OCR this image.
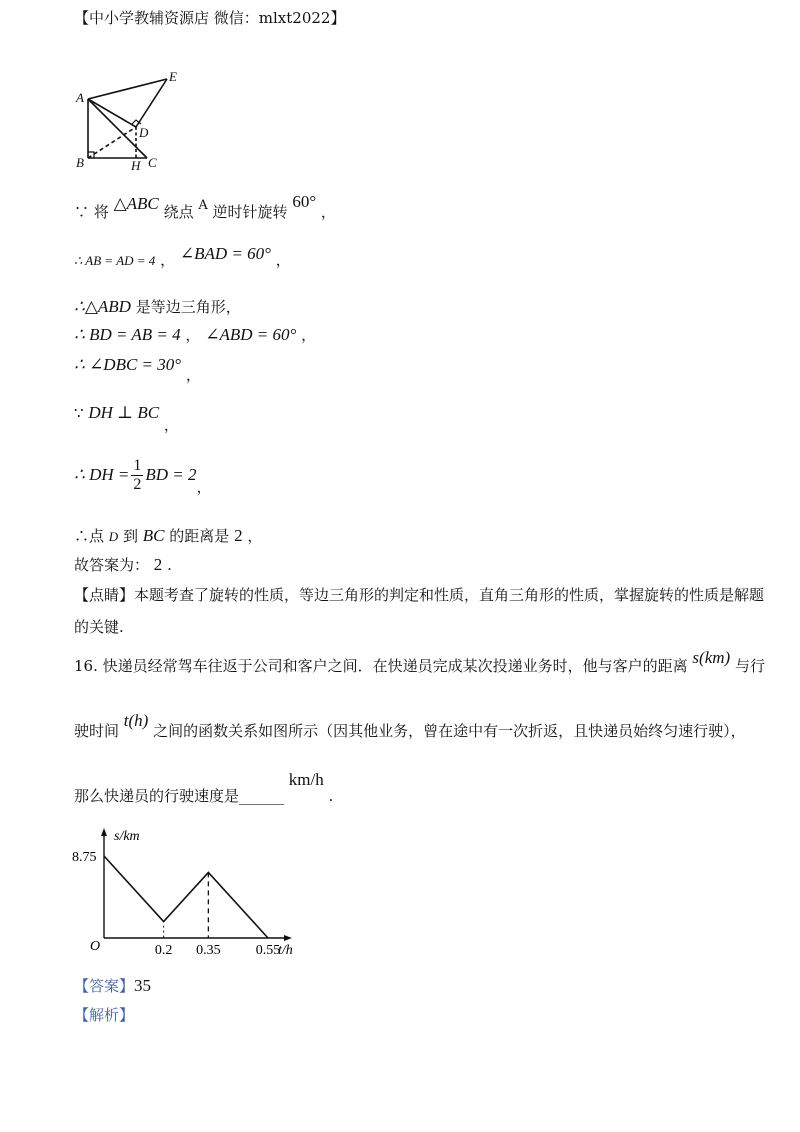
【中小学教辅资源店 微信：mlxt2022】
A
E
D
B	H C
∵ 将 △ABC 绕点 A 逆时针旋转 60° ，
∴ AB = AD = 4 ， ∠BAD = 60° ，
∴△ABD 是等边三角形，
∴ BD = AB = 4 ， ∠ABD = 60° ，
∴ ∠DBC = 30° ，
∵ DH ⊥ BC ，
∴ DH = $\frac{1}{2}$ BD = 2
，
∴点 D 到 BC 的距离是 2 ，
故答案为： 2 .
【点睛】本题考查了旋转的性质，等边三角形的判定和性质，直角三角形的性质，掌握旋转的性质是解题
的关键.
16. 快递员经常驾车往返于公司和客户之间．在快递员完成某次投递业务时，他与客户的距离 s(km) 与行
驶时间 t(h) 之间的函数关系如图所示（因其他业务，曾在途中有一次折返，且快递员始终匀速行驶），
那么快递员的行驶速度是______ km/h .
s/km
t/h
O	0.2 0.35	0.55
8.75
【答案】35
【解析】
